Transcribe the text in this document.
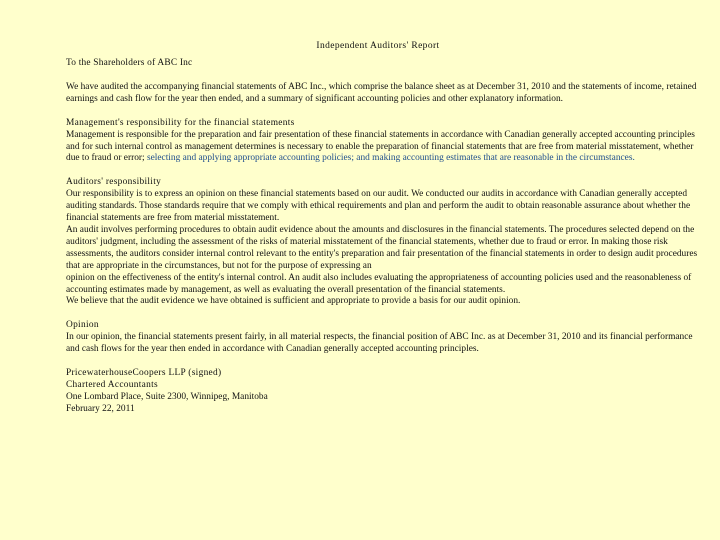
Independent Auditors' Report

To the Shareholders of ABC Inc

We have audited the accompanying financial statements of ABC Inc., which comprise the balance sheet as at December 31, 2010 and the statements of income, retained earnings and cash flow for the year then ended, and a summary of significant accounting policies and other explanatory information.

Management's responsibility for the financial statements

Management is responsible for the preparation and fair presentation of these financial statements in accordance with Canadian generally accepted accounting principles and for such internal control as management determines is necessary to enable the preparation of financial statements that are free from material misstatement, whether due to fraud or error; selecting and applying appropriate accounting policies; and making accounting estimates that are reasonable in the circumstances.

Auditors' responsibility

Our responsibility is to express an opinion on these financial statements based on our audit. We conducted our audits in accordance with Canadian generally accepted auditing standards. Those standards require that we comply with ethical requirements and plan and perform the audit to obtain reasonable assurance about whether the financial statements are free from material misstatement.

An audit involves performing procedures to obtain audit evidence about the amounts and disclosures in the financial statements. The procedures selected depend on the auditors' judgment, including the assessment of the risks of material misstatement of the financial statements, whether due to fraud or error. In making those risk assessments, the auditors consider internal control relevant to the entity's preparation and fair presentation of the financial statements in order to design audit procedures that are appropriate in the circumstances, but not for the purpose of expressing an

opinion on the effectiveness of the entity's internal control. An audit also includes evaluating the appropriateness of accounting policies used and the reasonableness of accounting estimates made by management, as well as evaluating the overall presentation of the financial statements.

We believe that the audit evidence we have obtained is sufficient and appropriate to provide a basis for our audit opinion.

Opinion

In our opinion, the financial statements present fairly, in all material respects, the financial position of ABC Inc. as at December 31, 2010 and its financial performance and cash flows for the year then ended in accordance with Canadian generally accepted accounting principles.

PricewaterhouseCoopers LLP (signed)

Chartered Accountants

One Lombard Place, Suite 2300, Winnipeg, Manitoba

February 22, 2011
